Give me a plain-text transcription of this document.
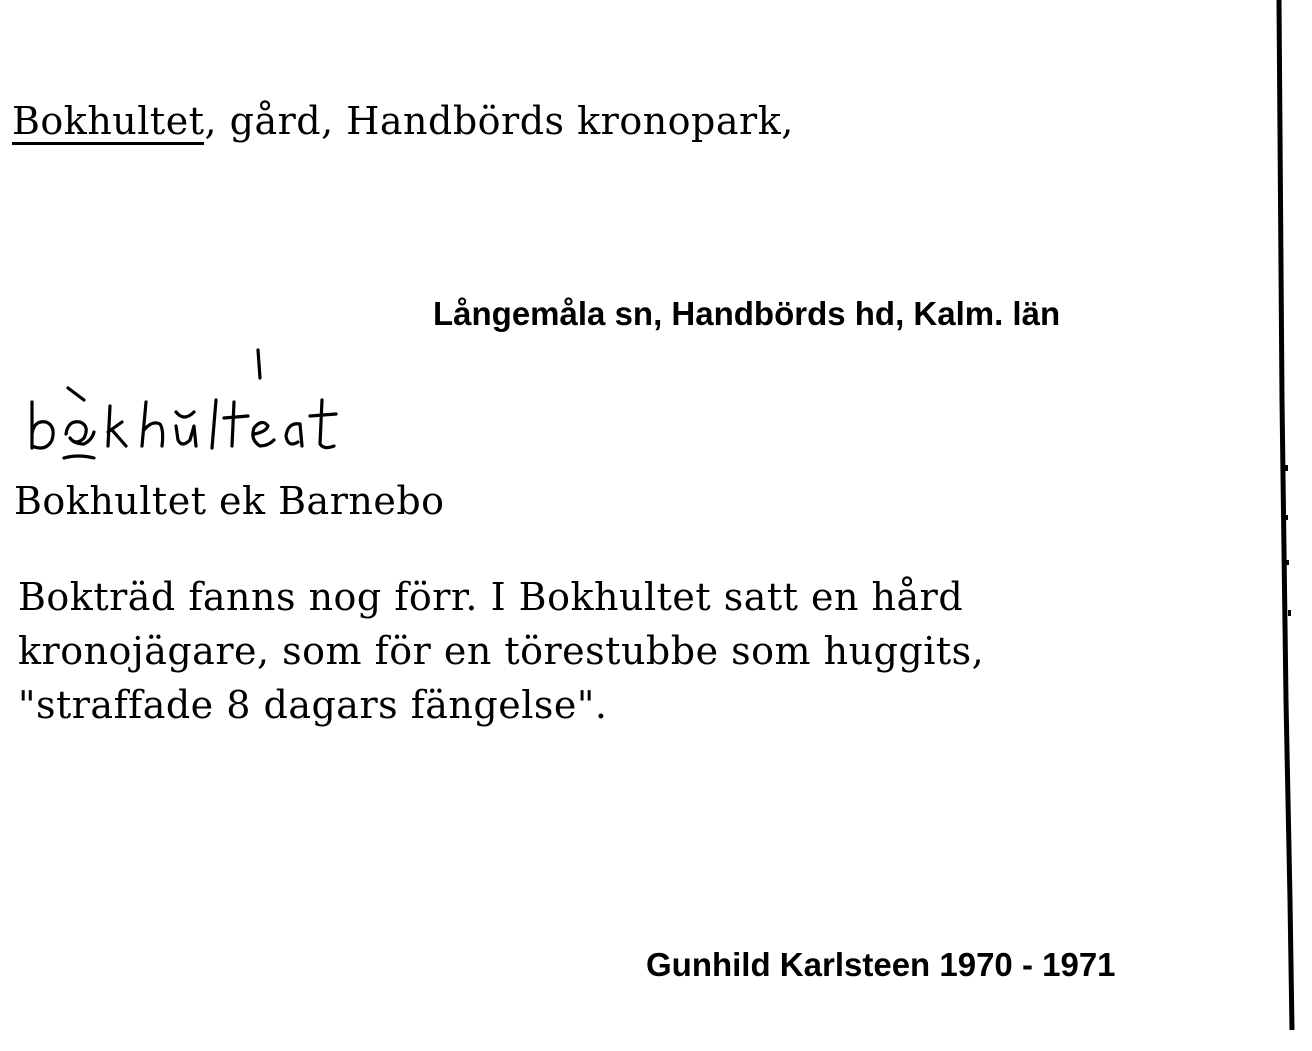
Bokhultet, gård, Handbörds kronopark,
Långemåla sn, Handbörds hd, Kalm. län
Bokhultet ek Barnebo
Bokträd fanns nog förr. I Bokhultet satt en hård
kronojägare, som för en törestubbe som huggits,
"straffade 8 dagars fängelse".
Gunhild Karlsteen 1970 - 1971
